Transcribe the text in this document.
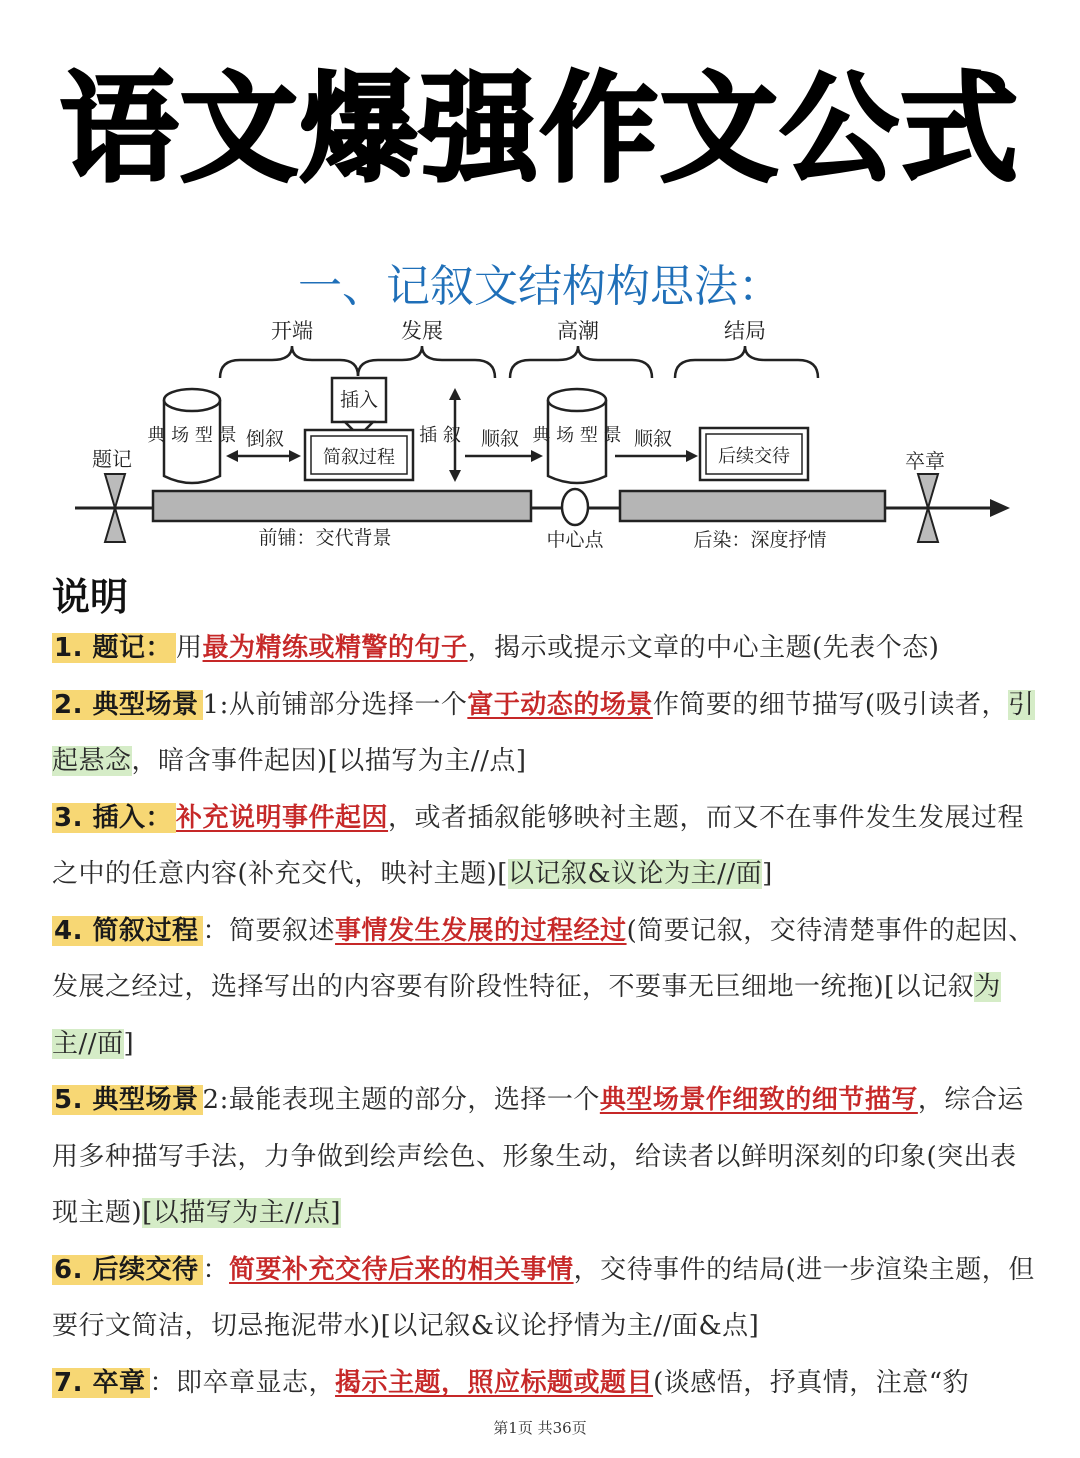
语文爆强作文公式
一、记叙文结构构思法：
开端	发展	高潮	结局
题记	卒章
典 场 型 景	典 场 型 景
倒叙
插入
简叙过程
插 叙 顺叙	顺叙
后续交待
前铺：交代背景	中心点	后染：深度抒情
说明
1. 题记： 用最为精练或精警的句子，揭示或提示文章的中心主题(先表个态)
2. 典型场景 1:从前铺部分选择一个富于动态的场景作简要的细节描写(吸引读者，引起悬念，暗含事件起因)[以描写为主//点]
3. 插入： 补充说明事件起因，或者插叙能够映衬主题，而又不在事件发生发展过程之中的任意内容(补充交代，映衬主题)[以记叙&议论为主//面]
4. 简叙过程 ：简要叙述事情发生发展的过程经过(简要记叙，交待清楚事件的起因、发展之经过，选择写出的内容要有阶段性特征，不要事无巨细地一统拖)[以记叙为主//面]
5. 典型场景 2:最能表现主题的部分，选择一个典型场景作细致的细节描写，综合运用多种描写手法，力争做到绘声绘色、形象生动，给读者以鲜明深刻的印象(突出表现主题)[以描写为主//点]
6. 后续交待 ：简要补充交待后来的相关事情，交待事件的结局(进一步渲染主题，但要行文简洁，切忌拖泥带水)[以记叙&议论抒情为主//面&点]
7. 卒章 ：即卒章显志，揭示主题，照应标题或题目(谈感悟，抒真情，注意“豹
第1页 共36页
